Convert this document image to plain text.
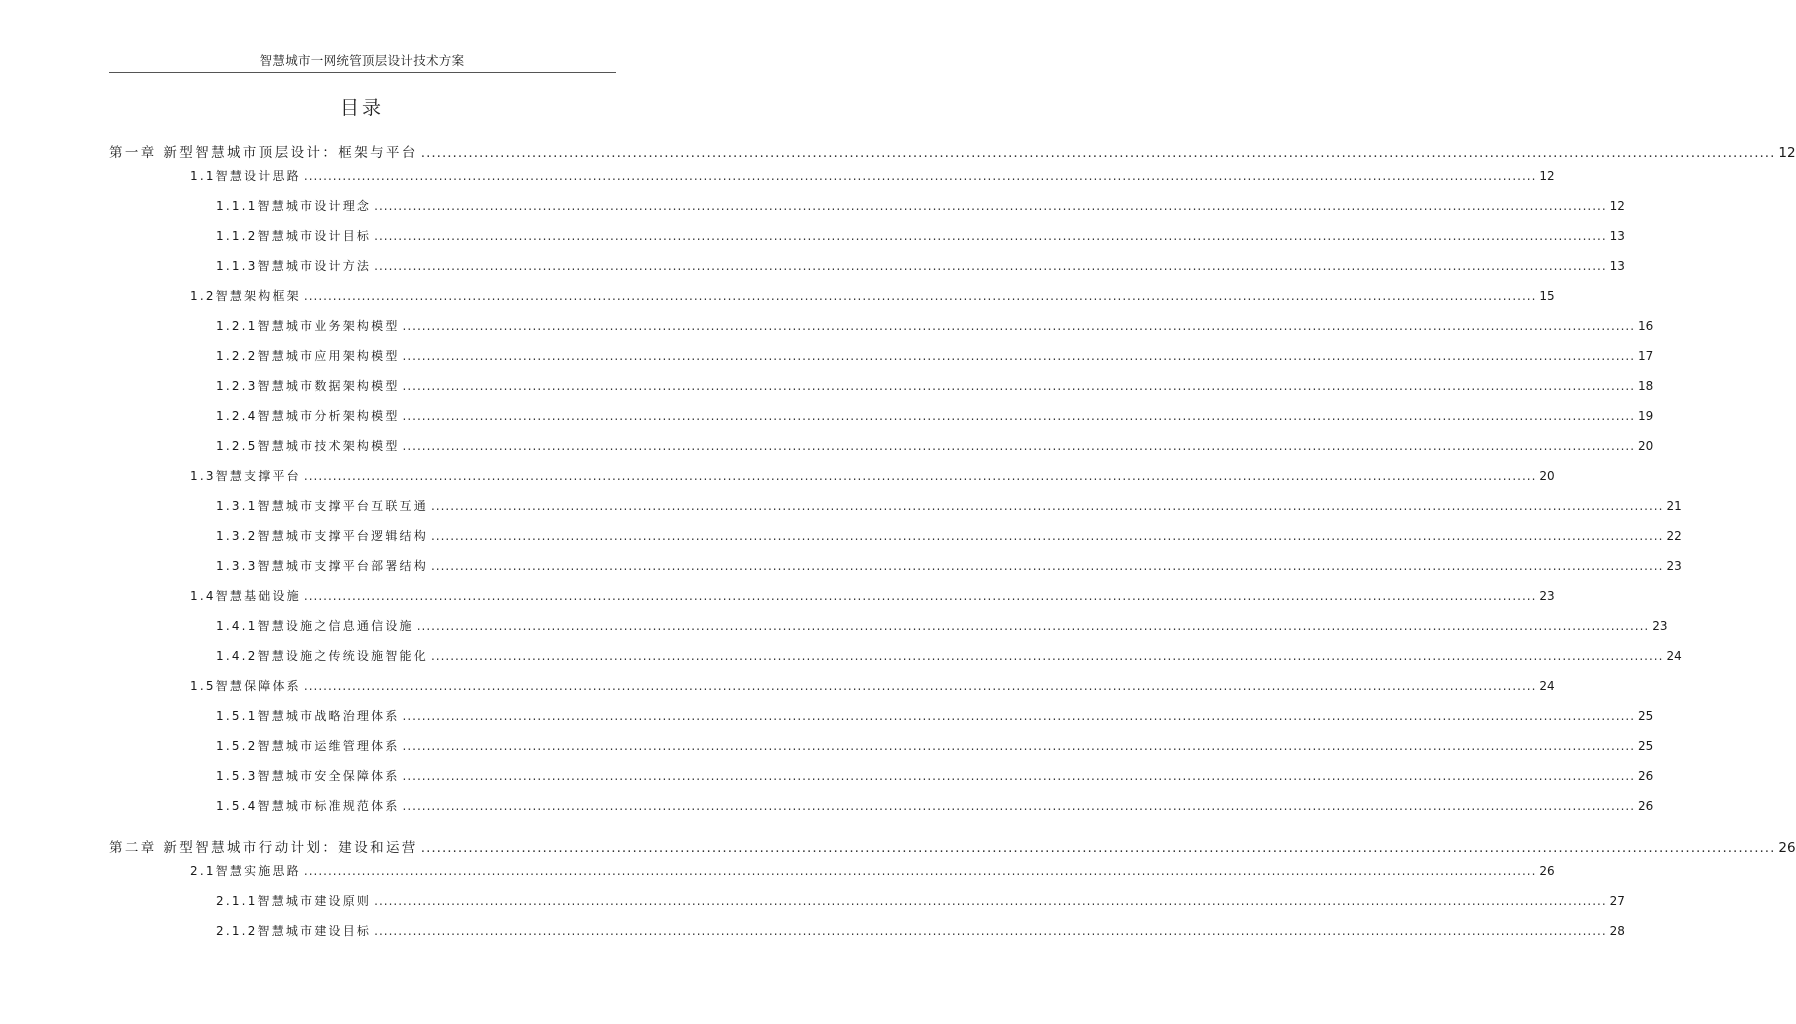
智慧城市一网统管顶层设计技术方案
目录
第一章 新型智慧城市顶层设计：框架与平台 ................................................................................................................................................................................................................................................................ 12
1.1智慧设计思路 ................................................................................................................................................................................................................................................................ 12
1.1.1智慧城市设计理念 ................................................................................................................................................................................................................................................................ 12
1.1.2智慧城市设计目标 ................................................................................................................................................................................................................................................................ 13
1.1.3智慧城市设计方法 ................................................................................................................................................................................................................................................................ 13
1.2智慧架构框架 ................................................................................................................................................................................................................................................................ 15
1.2.1智慧城市业务架构模型 ................................................................................................................................................................................................................................................................ 16
1.2.2智慧城市应用架构模型 ................................................................................................................................................................................................................................................................ 17
1.2.3智慧城市数据架构模型 ................................................................................................................................................................................................................................................................ 18
1.2.4智慧城市分析架构模型 ................................................................................................................................................................................................................................................................ 19
1.2.5智慧城市技术架构模型 ................................................................................................................................................................................................................................................................ 20
1.3智慧支撑平台 ................................................................................................................................................................................................................................................................ 20
1.3.1智慧城市支撑平台互联互通 ................................................................................................................................................................................................................................................................ 21
1.3.2智慧城市支撑平台逻辑结构 ................................................................................................................................................................................................................................................................ 22
1.3.3智慧城市支撑平台部署结构 ................................................................................................................................................................................................................................................................ 23
1.4智慧基础设施 ................................................................................................................................................................................................................................................................ 23
1.4.1智慧设施之信息通信设施 ................................................................................................................................................................................................................................................................ 23
1.4.2智慧设施之传统设施智能化 ................................................................................................................................................................................................................................................................ 24
1.5智慧保障体系 ................................................................................................................................................................................................................................................................ 24
1.5.1智慧城市战略治理体系 ................................................................................................................................................................................................................................................................ 25
1.5.2智慧城市运维管理体系 ................................................................................................................................................................................................................................................................ 25
1.5.3智慧城市安全保障体系 ................................................................................................................................................................................................................................................................ 26
1.5.4智慧城市标准规范体系 ................................................................................................................................................................................................................................................................ 26
第二章 新型智慧城市行动计划：建设和运营 ................................................................................................................................................................................................................................................................ 26
2.1智慧实施思路 ................................................................................................................................................................................................................................................................ 26
2.1.1智慧城市建设原则 ................................................................................................................................................................................................................................................................ 27
2.1.2智慧城市建设目标 ................................................................................................................................................................................................................................................................ 28
